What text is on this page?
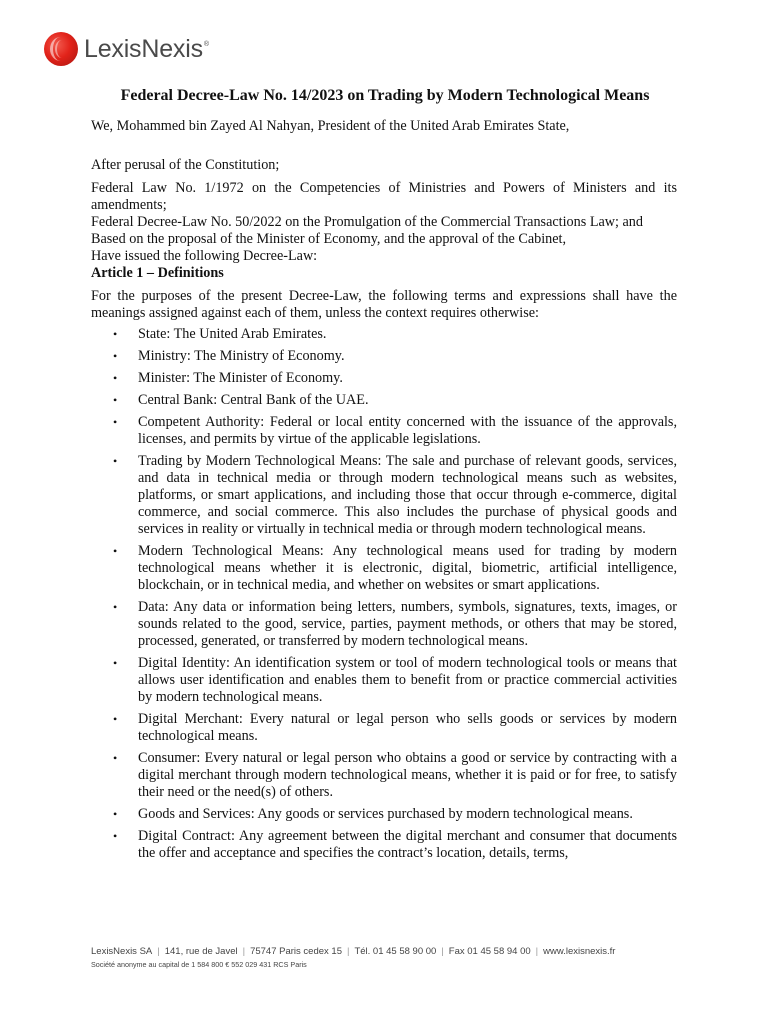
LexisNexis ®
Federal Decree-Law No. 14/2023 on Trading by Modern Technological Means

We, Mohammed bin Zayed Al Nahyan, President of the United Arab Emirates State,

After perusal of the Constitution;

Federal Law No. 1/1972 on the Competencies of Ministries and Powers of Ministers and its amendments;

Federal Decree-Law No. 50/2022 on the Promulgation of the Commercial Transactions Law; and

Based on the proposal of the Minister of Economy, and the approval of the Cabinet,

Have issued the following Decree-Law:

Article 1 – Definitions

For the purposes of the present Decree-Law, the following terms and expressions shall have the meanings assigned against each of them, unless the context requires otherwise:

• State: The United Arab Emirates.
• Ministry: The Ministry of Economy.
• Minister: The Minister of Economy.
• Central Bank: Central Bank of the UAE.
• Competent Authority: Federal or local entity concerned with the issuance of the approvals, licenses, and permits by virtue of the applicable legislations.
• Trading by Modern Technological Means: The sale and purchase of relevant goods, services, and data in technical media or through modern technological means such as websites, platforms, or smart applications, and including those that occur through e-commerce, digital commerce, and social commerce. This also includes the purchase of physical goods and services in reality or virtually in technical media or through modern technological means.
• Modern Technological Means: Any technological means used for trading by modern technological means whether it is electronic, digital, biometric, artificial intelligence, blockchain, or in technical media, and whether on websites or smart applications.
• Data: Any data or information being letters, numbers, symbols, signatures, texts, images, or sounds related to the good, service, parties, payment methods, or others that may be stored, processed, generated, or transferred by modern technological means.
• Digital Identity: An identification system or tool of modern technological tools or means that allows user identification and enables them to benefit from or practice commercial activities by modern technological means.
• Digital Merchant: Every natural or legal person who sells goods or services by modern technological means.
• Consumer: Every natural or legal person who obtains a good or service by contracting with a digital merchant through modern technological means, whether it is paid or for free, to satisfy their need or the need(s) of others.
• Goods and Services: Any goods or services purchased by modern technological means.
• Digital Contract: Any agreement between the digital merchant and consumer that documents the offer and acceptance and specifies the contract’s location, details, terms,
LexisNexis SA | 141, rue de Javel | 75747 Paris cedex 15 | Tél. 01 45 58 90 00 | Fax 01 45 58 94 00 | www.lexisnexis.fr
Société anonyme au capital de 1 584 800 € 552 029 431 RCS Paris
